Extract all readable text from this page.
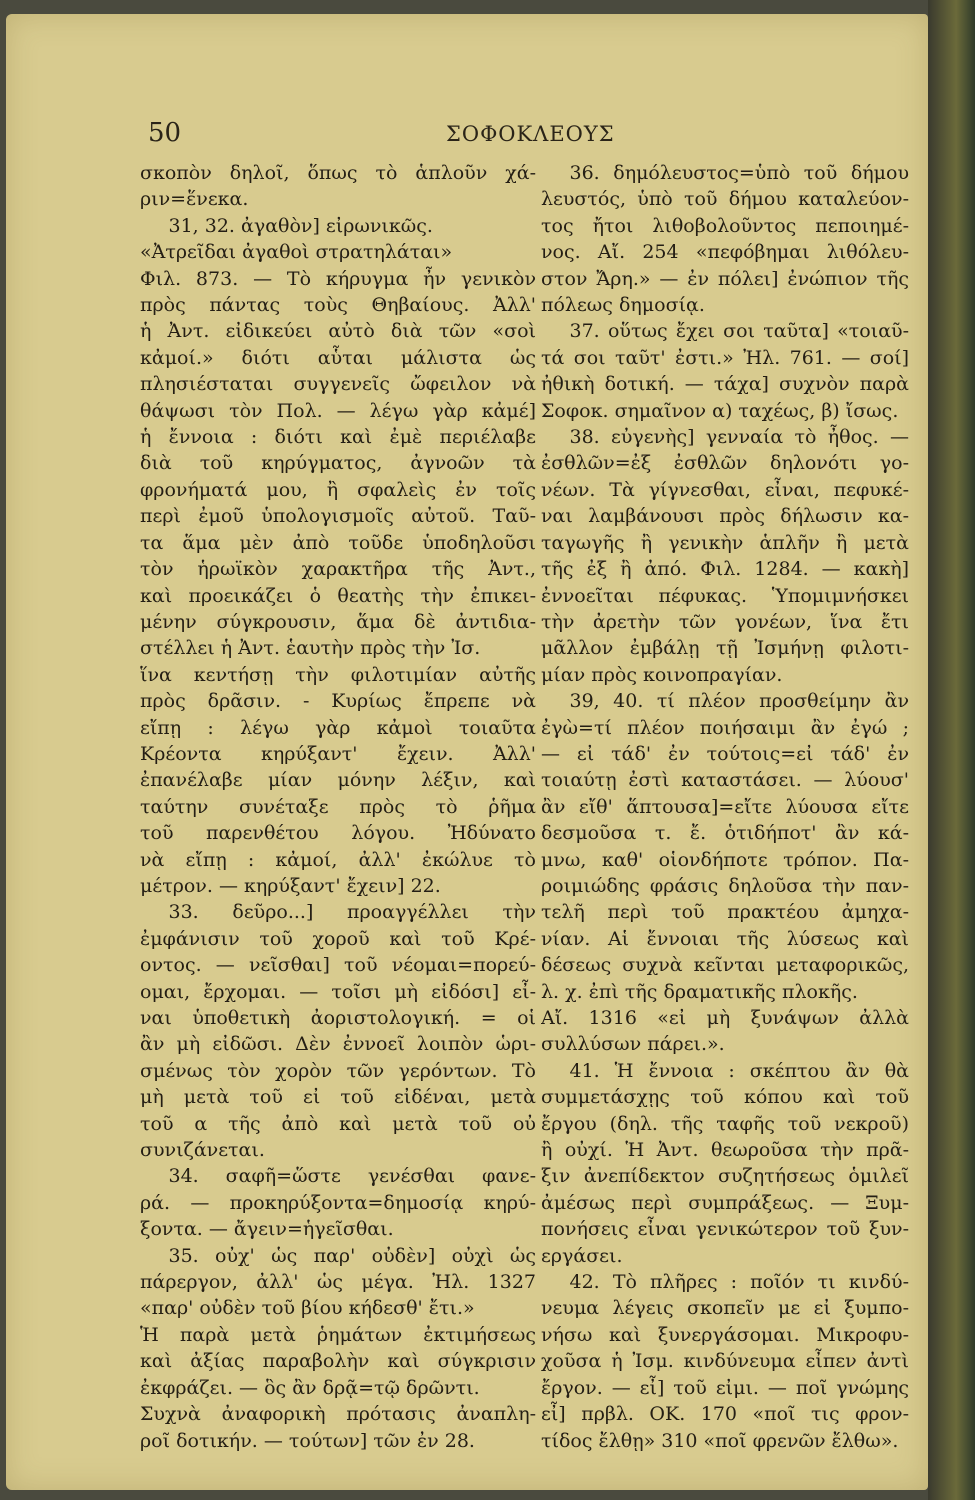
50	ΣΟΦΟΚΛΕΟΥΣ
σκοπὸν δηλοῖ, ὅπως τὸ ἁπλοῦν χά-
ριν=ἕνεκα.
31, 32. ἀγαθὸν] εἰρωνικῶς.
«Ἀτρεῖδαι ἀγαθοὶ στρατηλάται»
Φιλ. 873. — Τὸ κήρυγμα ἦν γενικὸν
πρὸς πάντας τοὺς Θηβαίους. Ἀλλ'
ἡ Ἀντ. εἰδικεύει αὐτὸ διὰ τῶν «σοὶ
κἀμοί.» διότι αὗται μάλιστα ὡς
πλησιέσταται συγγενεῖς ὤφειλον νὰ
θάψωσι τὸν Πολ. — λέγω γὰρ κἀμέ]
ἡ ἔννοια : διότι καὶ ἐμὲ περιέλαβε
διὰ τοῦ κηρύγματος, ἀγνοῶν τὰ
φρονήματά μου, ἢ σφαλεὶς ἐν τοῖς
περὶ ἐμοῦ ὑπολογισμοῖς αὐτοῦ. Ταῦ-
τα ἅμα μὲν ἀπὸ τοῦδε ὑποδηλοῦσι
τὸν ἡρωϊκὸν χαρακτῆρα τῆς Ἀντ.,
καὶ προεικάζει ὁ θεατὴς τὴν ἐπικει-
μένην σύγκρουσιν, ἅμα δὲ ἀντιδια-
στέλλει ἡ Ἀντ. ἑαυτὴν πρὸς τὴν Ἰσ.
ἵνα κεντήσῃ τὴν φιλοτιμίαν αὐτῆς
πρὸς δρᾶσιν. - Κυρίως ἔπρεπε νὰ
εἴπῃ : λέγω γὰρ κἀμοὶ τοιαῦτα
Κρέοντα κηρύξαντ' ἔχειν. Ἀλλ'
ἐπανέλαβε μίαν μόνην λέξιν, καὶ
ταύτην συνέταξε πρὸς τὸ ῥῆμα
τοῦ παρενθέτου λόγου. Ἠδύνατο
νὰ εἴπῃ : κἀμοί, ἀλλ' ἐκώλυε τὸ
μέτρον. — κηρύξαντ' ἔχειν] 22.
33. δεῦρο...] προαγγέλλει τὴν
ἐμφάνισιν τοῦ χοροῦ καὶ τοῦ Κρέ-
οντος. — νεῖσθαι] τοῦ νέομαι=πορεύ-
ομαι, ἔρχομαι. — τοῖσι μὴ εἰδόσι] εἶ-
ναι ὑποθετικὴ ἀοριστολογική. = οἱ
ἂν μὴ εἰδῶσι. Δὲν ἐννοεῖ λοιπὸν ὡρι-
σμένως τὸν χορὸν τῶν γερόντων. Τὸ
μὴ μετὰ τοῦ εἰ τοῦ εἰδέναι, μετὰ
τοῦ α τῆς ἀπὸ καὶ μετὰ τοῦ οὐ
συνιζάνεται.
34. σαφῆ=ὥστε γενέσθαι φανε-
ρά. — προκηρύξοντα=δημοσίᾳ κηρύ-
ξοντα. — ἄγειν=ἡγεῖσθαι.
35. οὐχ' ὡς παρ' οὐδὲν] οὐχὶ ὡς
πάρεργον, ἀλλ' ὡς μέγα. Ἠλ. 1327
«παρ' οὐδὲν τοῦ βίου κήδεσθ' ἔτι.»
Ἡ παρὰ μετὰ ῥημάτων ἐκτιμήσεως
καὶ ἀξίας παραβολὴν καὶ σύγκρισιν
ἐκφράζει. — ὃς ἂν δρᾷ=τῷ δρῶντι.
Συχνὰ ἀναφορικὴ πρότασις ἀναπλη-
ροῖ δοτικήν. — τούτων] τῶν ἐν 28.
36. δημόλευστος=ὑπὸ τοῦ δήμου
λευστός, ὑπὸ τοῦ δήμου καταλεύον-
τος ἤτοι λιθοβολοῦντος πεποιημέ-
νος. Αἴ. 254 «πεφόβημαι λιθόλευ-
στον Ἄρη.» — ἐν πόλει] ἐνώπιον τῆς
πόλεως δημοσίᾳ.
37. οὕτως ἔχει σοι ταῦτα] «τοιαῦ-
τά σοι ταῦτ' ἐστι.» Ἠλ. 761. — σοί]
ἠθικὴ δοτική. — τάχα] συχνὸν παρὰ
Σοφοκ. σημαῖνον α) ταχέως, β) ἴσως.
38. εὐγενὴς] γενναία τὸ ἦθος. —
ἐσθλῶν=ἐξ ἐσθλῶν δηλονότι γο-
νέων. Τὰ γίγνεσθαι, εἶναι, πεφυκέ-
ναι λαμβάνουσι πρὸς δήλωσιν κα-
ταγωγῆς ἢ γενικὴν ἁπλῆν ἢ μετὰ
τῆς ἐξ ἢ ἀπό. Φιλ. 1284. — κακὴ]
ἐννοεῖται πέφυκας. Ὑπομιμνήσκει
τὴν ἀρετὴν τῶν γονέων, ἵνα ἔτι
μᾶλλον ἐμβάλῃ τῇ Ἰσμήνῃ φιλοτι-
μίαν πρὸς κοινοπραγίαν.
39, 40. τί πλέον προσθείμην ἂν
ἐγὼ=τί πλέον ποιήσαιμι ἂν ἐγώ ;
— εἰ τάδ' ἐν τούτοις=εἰ τάδ' ἐν
τοιαύτῃ ἐστὶ καταστάσει. — λύουσ'
ἂν εἴθ' ἅπτουσα]=εἴτε λύουσα εἴτε
δεσμοῦσα τ. ἔ. ὁτιδήποτ' ἂν κά-
μνω, καθ' οἱονδήποτε τρόπον. Πα-
ροιμιώδης φράσις δηλοῦσα τὴν παν-
τελῆ περὶ τοῦ πρακτέου ἀμηχα-
νίαν. Αἱ ἔννοιαι τῆς λύσεως καὶ
δέσεως συχνὰ κεῖνται μεταφορικῶς,
λ. χ. ἐπὶ τῆς δραματικῆς πλοκῆς.
Αἴ. 1316 «εἰ μὴ ξυνάψων ἀλλὰ
συλλύσων πάρει.».
41. Ἡ ἔννοια : σκέπτου ἂν θὰ
συμμετάσχῃς τοῦ κόπου καὶ τοῦ
ἔργου (δηλ. τῆς ταφῆς τοῦ νεκροῦ)
ἢ οὐχί. Ἡ Ἀντ. θεωροῦσα τὴν πρᾶ-
ξιν ἀνεπίδεκτον συζητήσεως ὁμιλεῖ
ἀμέσως περὶ συμπράξεως. — Ξυμ-
πονήσεις εἶναι γενικώτερον τοῦ ξυν-
εργάσει.
42. Τὸ πλῆρες : ποῖόν τι κινδύ-
νευμα λέγεις σκοπεῖν με εἰ ξυμπο-
νήσω καὶ ξυνεργάσομαι. Μικροφυ-
χοῦσα ἡ Ἰσμ. κινδύνευμα εἶπεν ἀντὶ
ἔργον. — εἶ] τοῦ εἰμι. — ποῖ γνώμης
εἶ] πρβλ. ΟΚ. 170 «ποῖ τις φρον-
τίδος ἔλθῃ» 310 «ποῖ φρενῶν ἔλθω».
